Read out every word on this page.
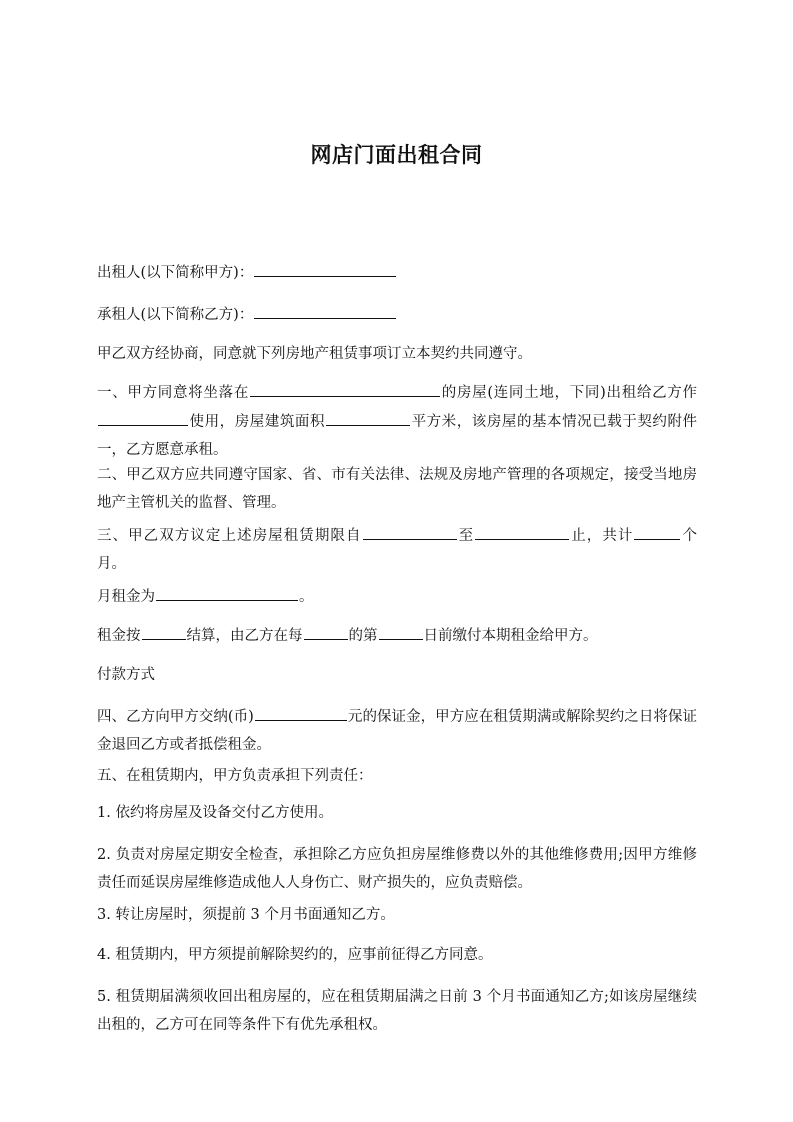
网店门面出租合同
出租人(以下简称甲方)：
承租人(以下简称乙方)：
甲乙双方经协商，同意就下列房地产租赁事项订立本契约共同遵守。
一、甲方同意将坐落在	的房屋(连同土地，下同)出租给乙方作使用，房屋建筑面积	平方米，该房屋的基本情况已载于契约附件一，乙方愿意承租。
二、甲乙双方应共同遵守国家、省、市有关法律、法规及房地产管理的各项规定，接受当地房地产主管机关的监督、管理。
三、甲乙双方议定上述房屋租赁期限自	至	止，共计	个月。
月租金为	。
租金按	结算，由乙方在每	的第	日前缴付本期租金给甲方。
付款方式
四、乙方向甲方交纳(币)	元的保证金，甲方应在租赁期满或解除契约之日将保证金退回乙方或者抵偿租金。
五、在租赁期内，甲方负责承担下列责任：
1. 依约将房屋及设备交付乙方使用。
2. 负责对房屋定期安全检查，承担除乙方应负担房屋维修费以外的其他维修费用;因甲方维修责任而延误房屋维修造成他人人身伤亡、财产损失的，应负责赔偿。
3. 转让房屋时，须提前 3 个月书面通知乙方。
4. 租赁期内，甲方须提前解除契约的，应事前征得乙方同意。
5. 租赁期届满须收回出租房屋的，应在租赁期届满之日前 3 个月书面通知乙方;如该房屋继续出租的，乙方可在同等条件下有优先承租权。
